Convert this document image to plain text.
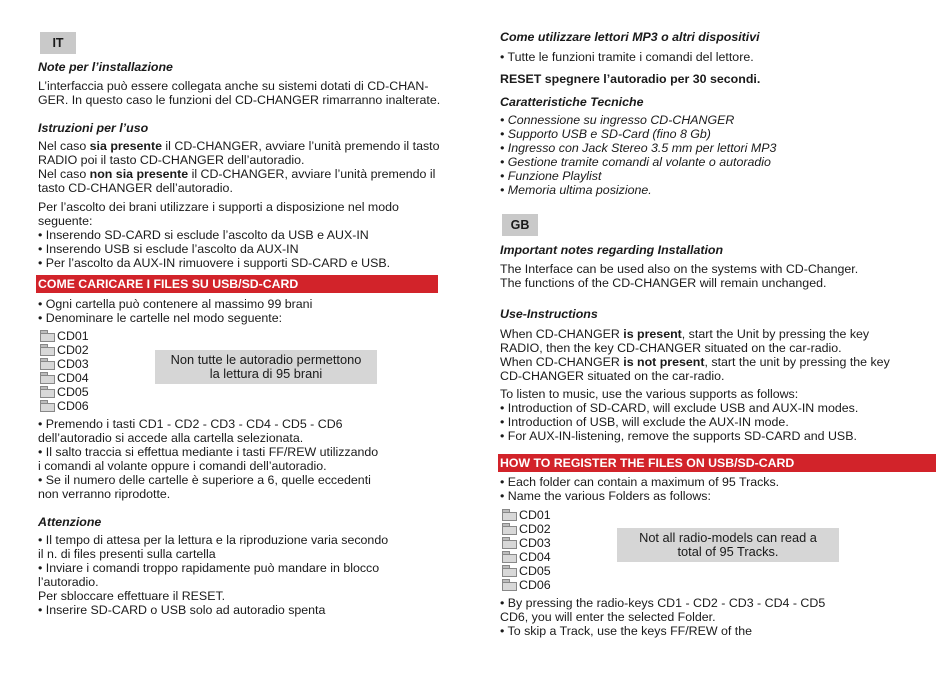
IT
Note per l’installazione
L’interfaccia può essere collegata anche su sistemi dotati di CD-CHAN-
GER. In questo caso le funzioni del CD-CHANGER rimarranno inalterate.
Istruzioni per l’uso
Nel caso sia presente il CD-CHANGER, avviare l’unità premendo il tasto
RADIO poi il tasto CD-CHANGER dell’autoradio.
Nel caso non sia presente il CD-CHANGER, avviare l’unità premendo il
tasto CD-CHANGER dell’autoradio.
Per l’ascolto dei brani utilizzare i supporti a disposizione nel modo
seguente:
• Inserendo SD-CARD si esclude l’ascolto da USB e AUX-IN
• Inserendo USB si esclude l’ascolto da AUX-IN
• Per l’ascolto da AUX-IN rimuovere i supporti SD-CARD e USB.
COME CARICARE I FILES SU USB/SD-CARD
• Ogni cartella può contenere al massimo 99 brani
• Denominare le cartelle nel modo seguente:
CD01
CD02
CD03
CD04
CD05
CD06
Non tutte le autoradio permettono
la lettura di 95 brani
• Premendo i tasti CD1 - CD2 - CD3 - CD4 - CD5 - CD6
dell’autoradio si accede alla cartella selezionata.
• Il salto traccia si effettua mediante i tasti FF/REW utilizzando
i comandi al volante oppure i comandi dell’autoradio.
• Se il numero delle cartelle è superiore a 6, quelle eccedenti
non verranno riprodotte.
Attenzione
• Il tempo di attesa per la lettura e la riproduzione varia secondo
il n. di files presenti sulla cartella
• Inviare i comandi troppo rapidamente può mandare in blocco
l’autoradio.
Per sbloccare effettuare il RESET.
• Inserire SD-CARD o USB solo ad autoradio spenta
Come utilizzare lettori MP3 o altri dispositivi
• Tutte le funzioni tramite i comandi del lettore.
RESET spegnere l’autoradio per 30 secondi.
Caratteristiche Tecniche
• Connessione su ingresso CD-CHANGER
• Supporto USB e SD-Card (fino 8 Gb)
• Ingresso con Jack Stereo 3.5 mm per lettori MP3
• Gestione tramite comandi al volante o autoradio
• Funzione Playlist
• Memoria ultima posizione.
GB
Important notes regarding Installation
The Interface can be used also on the systems with CD-Changer.
The functions of the CD-CHANGER will remain unchanged.
Use-Instructions
When CD-CHANGER is present, start the Unit by pressing the key
RADIO, then the key CD-CHANGER situated on the car-radio.
When CD-CHANGER is not present, start the unit by pressing the key
CD-CHANGER situated on the car-radio.
To listen to music, use the various supports as follows:
• Introduction of SD-CARD, will exclude USB and AUX-IN modes.
• Introduction of USB, will exclude the AUX-IN mode.
• For AUX-IN-listening, remove the supports SD-CARD and USB.
HOW TO REGISTER THE FILES ON USB/SD-CARD
• Each folder can contain a maximum of 95 Tracks.
• Name the various Folders as follows:
CD01
CD02
CD03
CD04
CD05
CD06
Not all radio-models can read a
total of 95 Tracks.
• By pressing the radio-keys CD1 - CD2 - CD3 - CD4 - CD5
CD6, you will enter the selected Folder.
• To skip a Track, use the keys FF/REW of the
